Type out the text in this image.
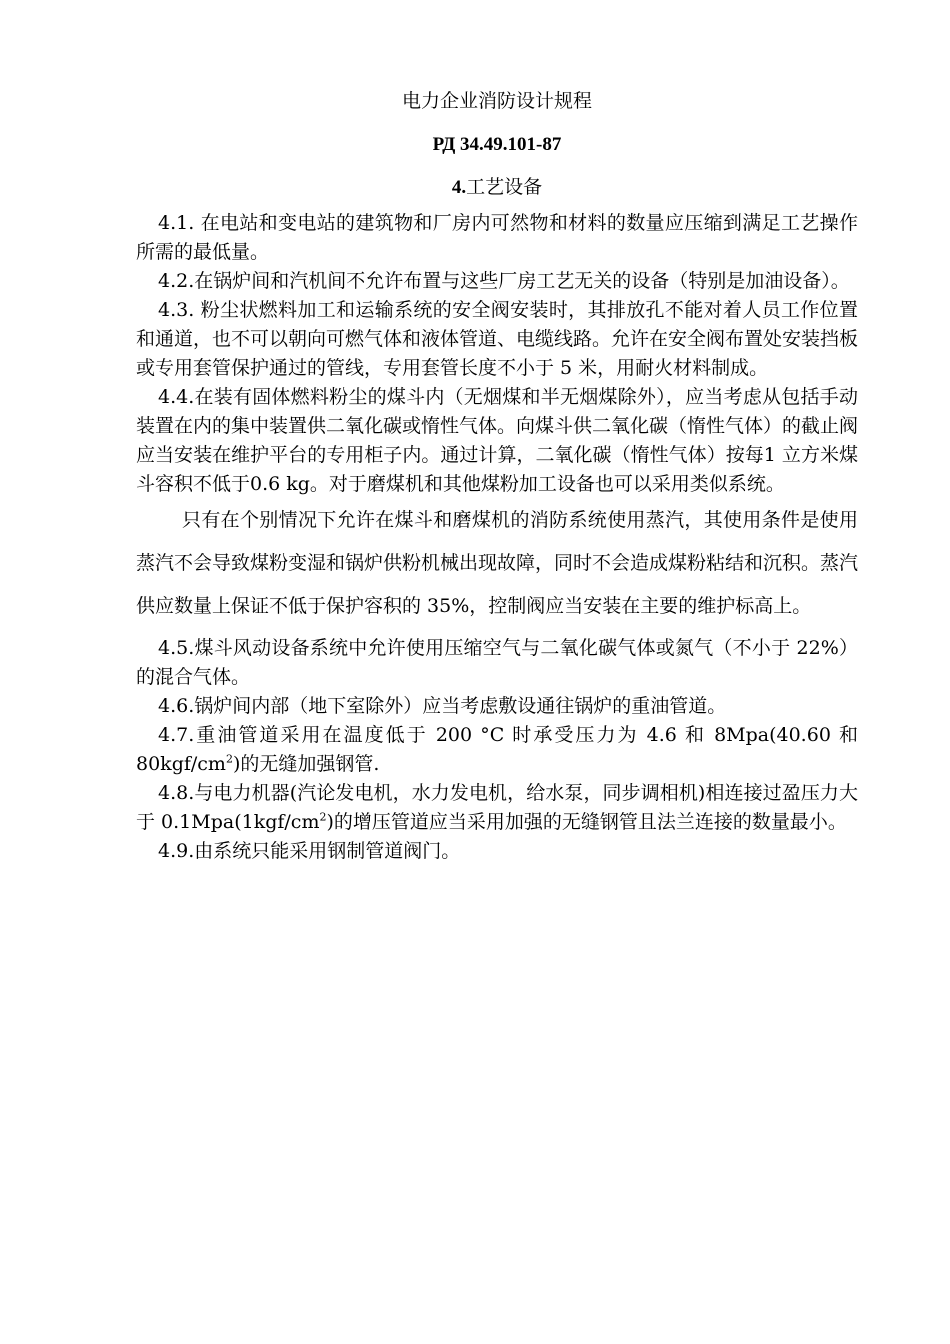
电力企业消防设计规程
РД 34.49.101-87
4.工艺设备

4.1. 在电站和变电站的建筑物和厂房内可然物和材料的数量应压缩到满足工艺操作所需的最低量。

4.2.在锅炉间和汽机间不允许布置与这些厂房工艺无关的设备（特别是加油设备）。

4.3. 粉尘状燃料加工和运输系统的安全阀安装时，其排放孔不能对着人员工作位置和通道，也不可以朝向可燃气体和液体管道、电缆线路。允许在安全阀布置处安装挡板或专用套管保护通过的管线，专用套管长度不小于 5 米，用耐火材料制成。

4.4.在装有固体燃料粉尘的煤斗内（无烟煤和半无烟煤除外），应当考虑从包括手动装置在内的集中装置供二氧化碳或惰性气体。向煤斗供二氧化碳（惰性气体）的截止阀应当安装在维护平台的专用柜子内。通过计算，二氧化碳（惰性气体）按每1 立方米煤斗容积不低于0.6 kg。对于磨煤机和其他煤粉加工设备也可以采用类似系统。

只有在个别情况下允许在煤斗和磨煤机的消防系统使用蒸汽，其使用条件是使用蒸汽不会导致煤粉变湿和锅炉供粉机械出现故障，同时不会造成煤粉粘结和沉积。蒸汽供应数量上保证不低于保护容积的 35%，控制阀应当安装在主要的维护标高上。

4.5.煤斗风动设备系统中允许使用压缩空气与二氧化碳气体或氮气（不小于 22%）的混合气体。

4.6.锅炉间内部（地下室除外）应当考虑敷设通往锅炉的重油管道。

4.7.重油管道采用在温度低于 200 °C 时承受压力为 4.6 和 8Mpa(40.60 和 $80kgf/cm^2$)的无缝加强钢管.

4.8.与电力机器(汽论发电机，水力发电机，给水泵，同步调相机)相连接过盈压力大于 $0.1Mpa(1kgf/cm^2)$的增压管道应当采用加强的无缝钢管且法兰连接的数量最小。

4.9.由系统只能采用钢制管道阀门。
